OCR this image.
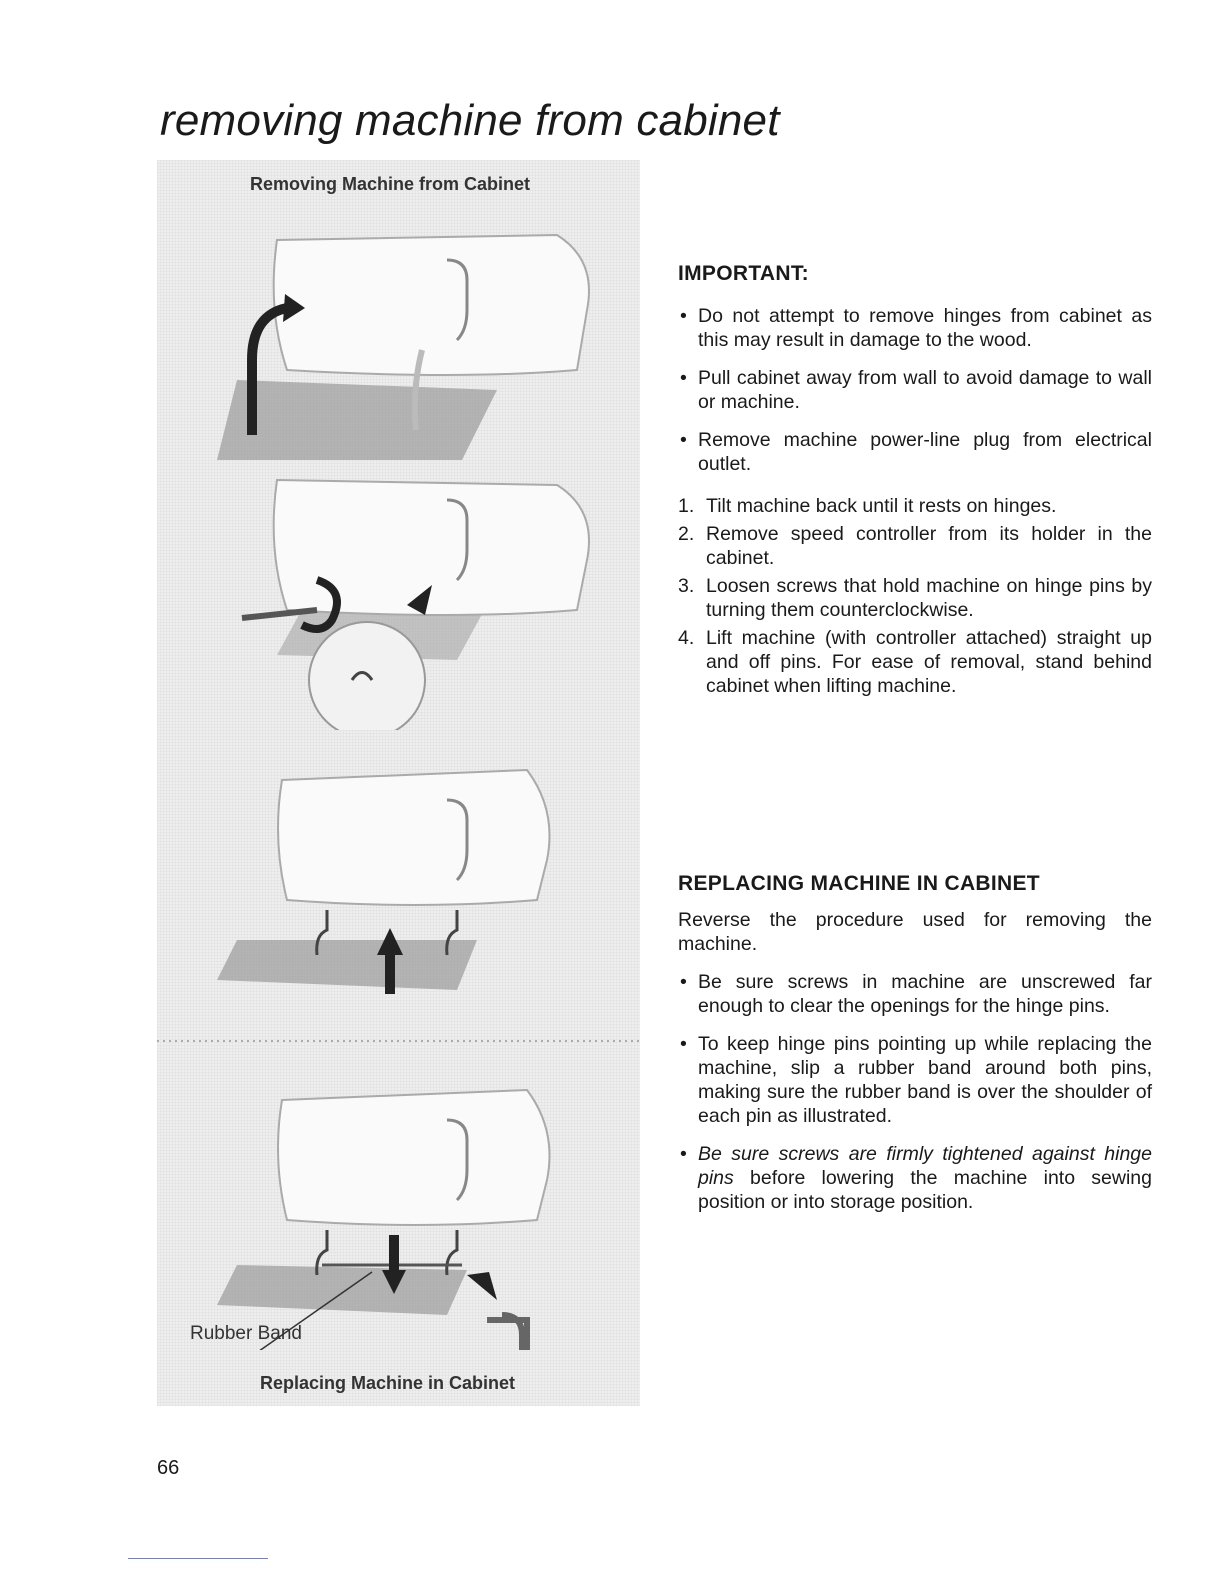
removing machine from cabinet
Removing Machine from Cabinet
Rubber Band
Replacing Machine in Cabinet
IMPORTANT:
• Do not attempt to remove hinges from cabinet as this may result in damage to the wood.
• Pull cabinet away from wall to avoid damage to wall or machine.
• Remove machine power-line plug from electrical outlet.
1. Tilt machine back until it rests on hinges.
2. Remove speed controller from its holder in the cabinet.
3. Loosen screws that hold machine on hinge pins by turning them counterclockwise.
4. Lift machine (with controller attached) straight up and off pins. For ease of removal, stand behind cabinet when lifting machine.
REPLACING MACHINE IN CABINET

Reverse the procedure used for removing the machine.

• Be sure screws in machine are unscrewed far enough to clear the openings for the hinge pins.
• To keep hinge pins pointing up while replacing the machine, slip a rubber band around both pins, making sure the rubber band is over the shoulder of each pin as illustrated.
• Be sure screws are firmly tightened against hinge pins before lowering the machine into sewing position or into storage position.
66
